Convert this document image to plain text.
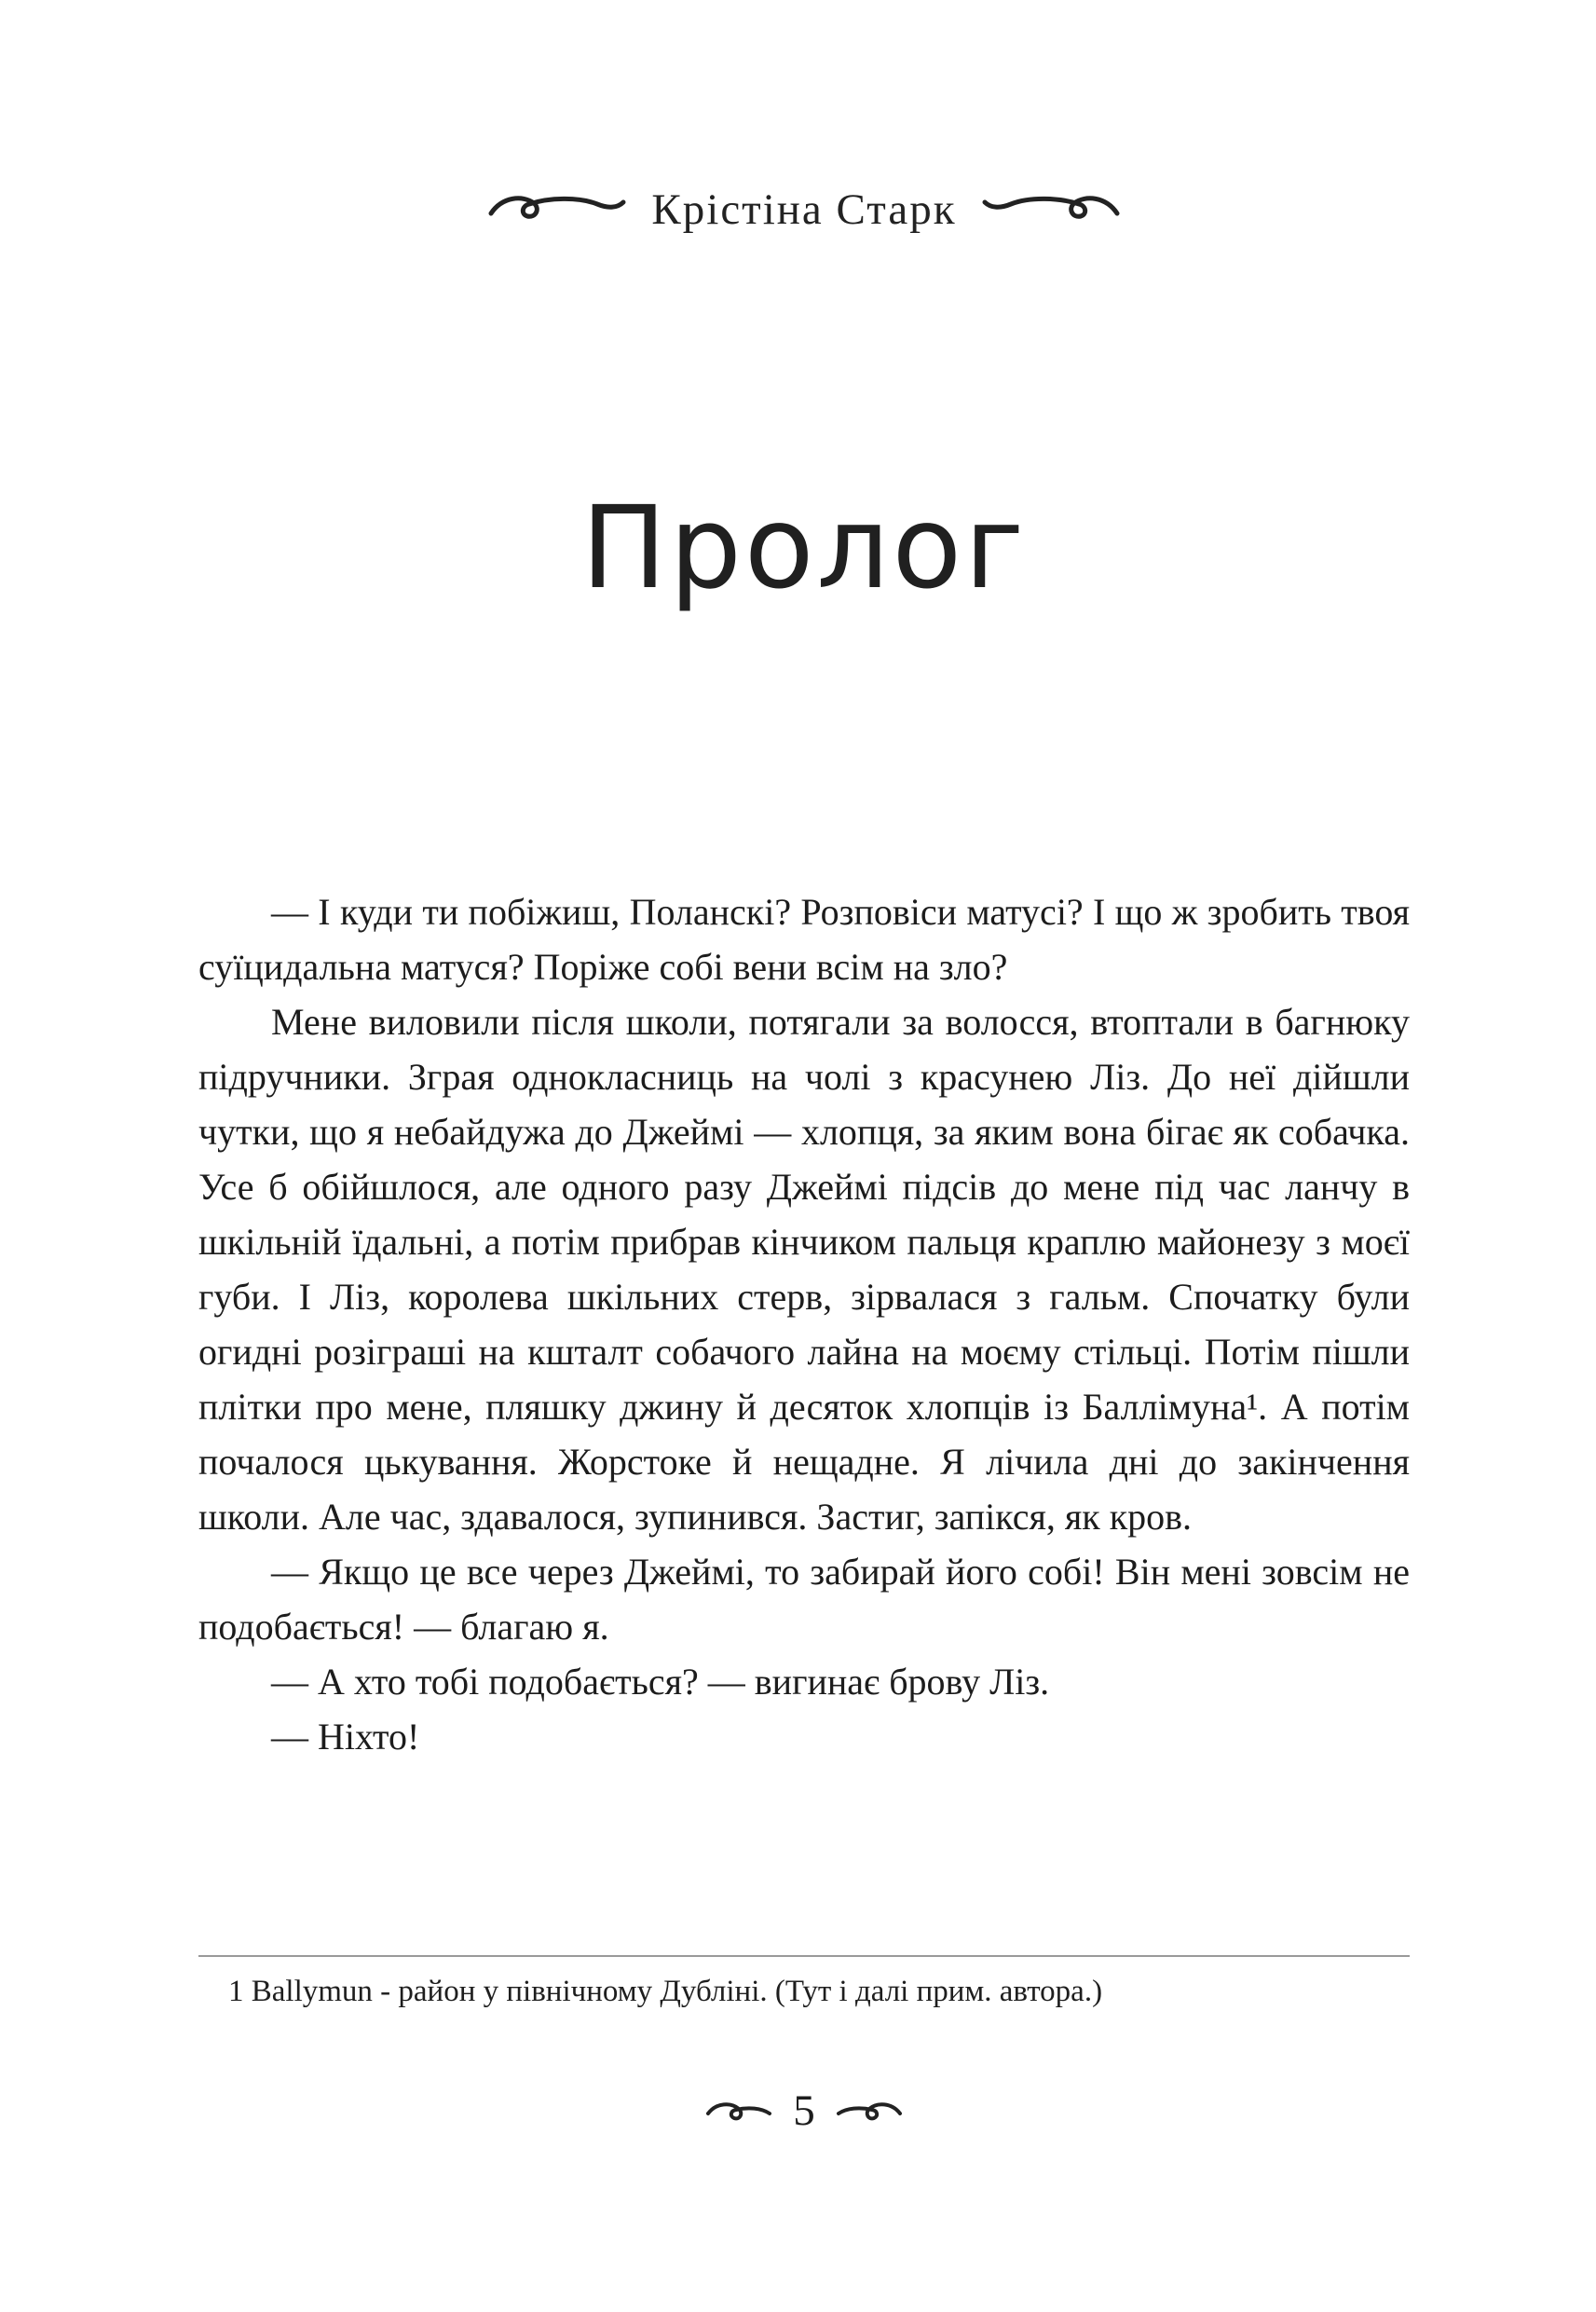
Крістіна Старк
Пролог

— І куди ти побіжиш, Поланскі? Розповіси матусі? І що ж зробить твоя суїцидальна матуся? Поріже собі вени всім на зло?

Мене виловили після школи, потягали за волосся, втоптали в багнюку підручники. Зграя однокласниць на чолі з красунею Ліз. До неї дійшли чутки, що я небайдужа до Джеймі — хлопця, за яким вона бігає як собачка. Усе б обійшлося, але одного разу Джеймі підсів до мене під час ланчу в шкільній їдальні, а потім прибрав кінчиком пальця краплю майонезу з моєї губи. І Ліз, королева шкільних стерв, зірвалася з гальм. Спочатку були огидні розіграші на кшталт собачого лайна на моєму стільці. Потім пішли плітки про мене, пляшку джину й десяток хлопців із Баллімуна¹. А потім почалося цькування. Жорстоке й нещадне. Я лічила дні до закінчення школи. Але час, здавалося, зупинився. Застиг, запікся, як кров.

— Якщо це все через Джеймі, то забирай його собі! Він мені зовсім не подобається! — благаю я.

— А хто тобі подобається? — вигинає брову Ліз.

— Ніхто!

1 Ballymun - район у північному Дубліні. (Тут і далі прим. автора.)
5
